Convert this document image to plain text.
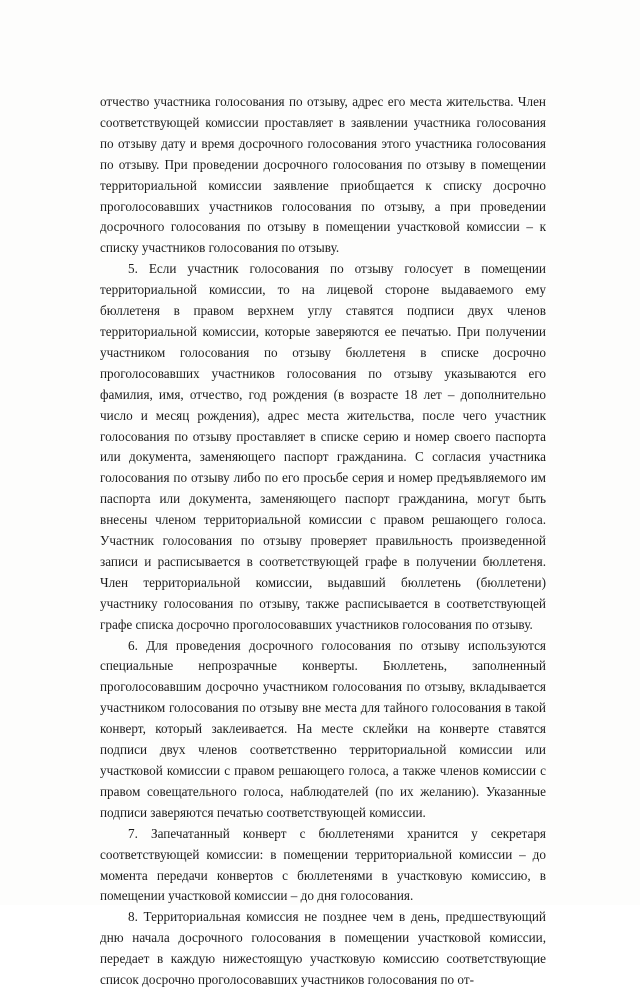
отчество участника голосования по отзыву, адрес его места жительства. Член соответствующей комиссии проставляет в заявлении участника голосования по отзыву дату и время досрочного голосования этого участника голосования по отзыву. При проведении досрочного голосования по отзыву в помещении территориальной комиссии заявление приобщается к списку досрочно проголосовавших участников голосования по отзыву, а при проведении досрочного голосования по отзыву в помещении участковой комиссии – к списку участников голосования по отзыву.

5. Если участник голосования по отзыву голосует в помещении территориальной комиссии, то на лицевой стороне выдаваемого ему бюллетеня в правом верхнем углу ставятся подписи двух членов территориальной комиссии, которые заверяются ее печатью. При получении участником голосования по отзыву бюллетеня в списке досрочно проголосовавших участников голосования по отзыву указываются его фамилия, имя, отчество, год рождения (в возрасте 18 лет – дополнительно число и месяц рождения), адрес места жительства, после чего участник голосования по отзыву проставляет в списке серию и номер своего паспорта или документа, заменяющего паспорт гражданина. С согласия участника голосования по отзыву либо по его просьбе серия и номер предъявляемого им паспорта или документа, заменяющего паспорт гражданина, могут быть внесены членом территориальной комиссии с правом решающего голоса. Участник голосования по отзыву проверяет правильность произведенной записи и расписывается в соответствующей графе в получении бюллетеня. Член территориальной комиссии, выдавший бюллетень (бюллетени) участнику голосования по отзыву, также расписывается в соответствующей графе списка досрочно проголосовавших участников голосования по отзыву.

6. Для проведения досрочного голосования по отзыву используются специальные непрозрачные конверты. Бюллетень, заполненный проголосовавшим досрочно участником голосования по отзыву, вкладывается участником голосования по отзыву вне места для тайного голосования в такой конверт, который заклеивается. На месте склейки на конверте ставятся подписи двух членов соответственно территориальной комиссии или участковой комиссии с правом решающего голоса, а также членов комиссии с правом совещательного голоса, наблюдателей (по их желанию). Указанные подписи заверяются печатью соответствующей комиссии.

7. Запечатанный конверт с бюллетенями хранится у секретаря соответствующей комиссии: в помещении территориальной комиссии – до момента передачи конвертов с бюллетенями в участковую комиссию, в помещении участковой комиссии – до дня голосования.

8. Территориальная комиссия не позднее чем в день, предшествующий дню начала досрочного голосования в помещении участковой комиссии, передает в каждую нижестоящую участковую комиссию соответствующие список досрочно проголосовавших участников голосования по от-
